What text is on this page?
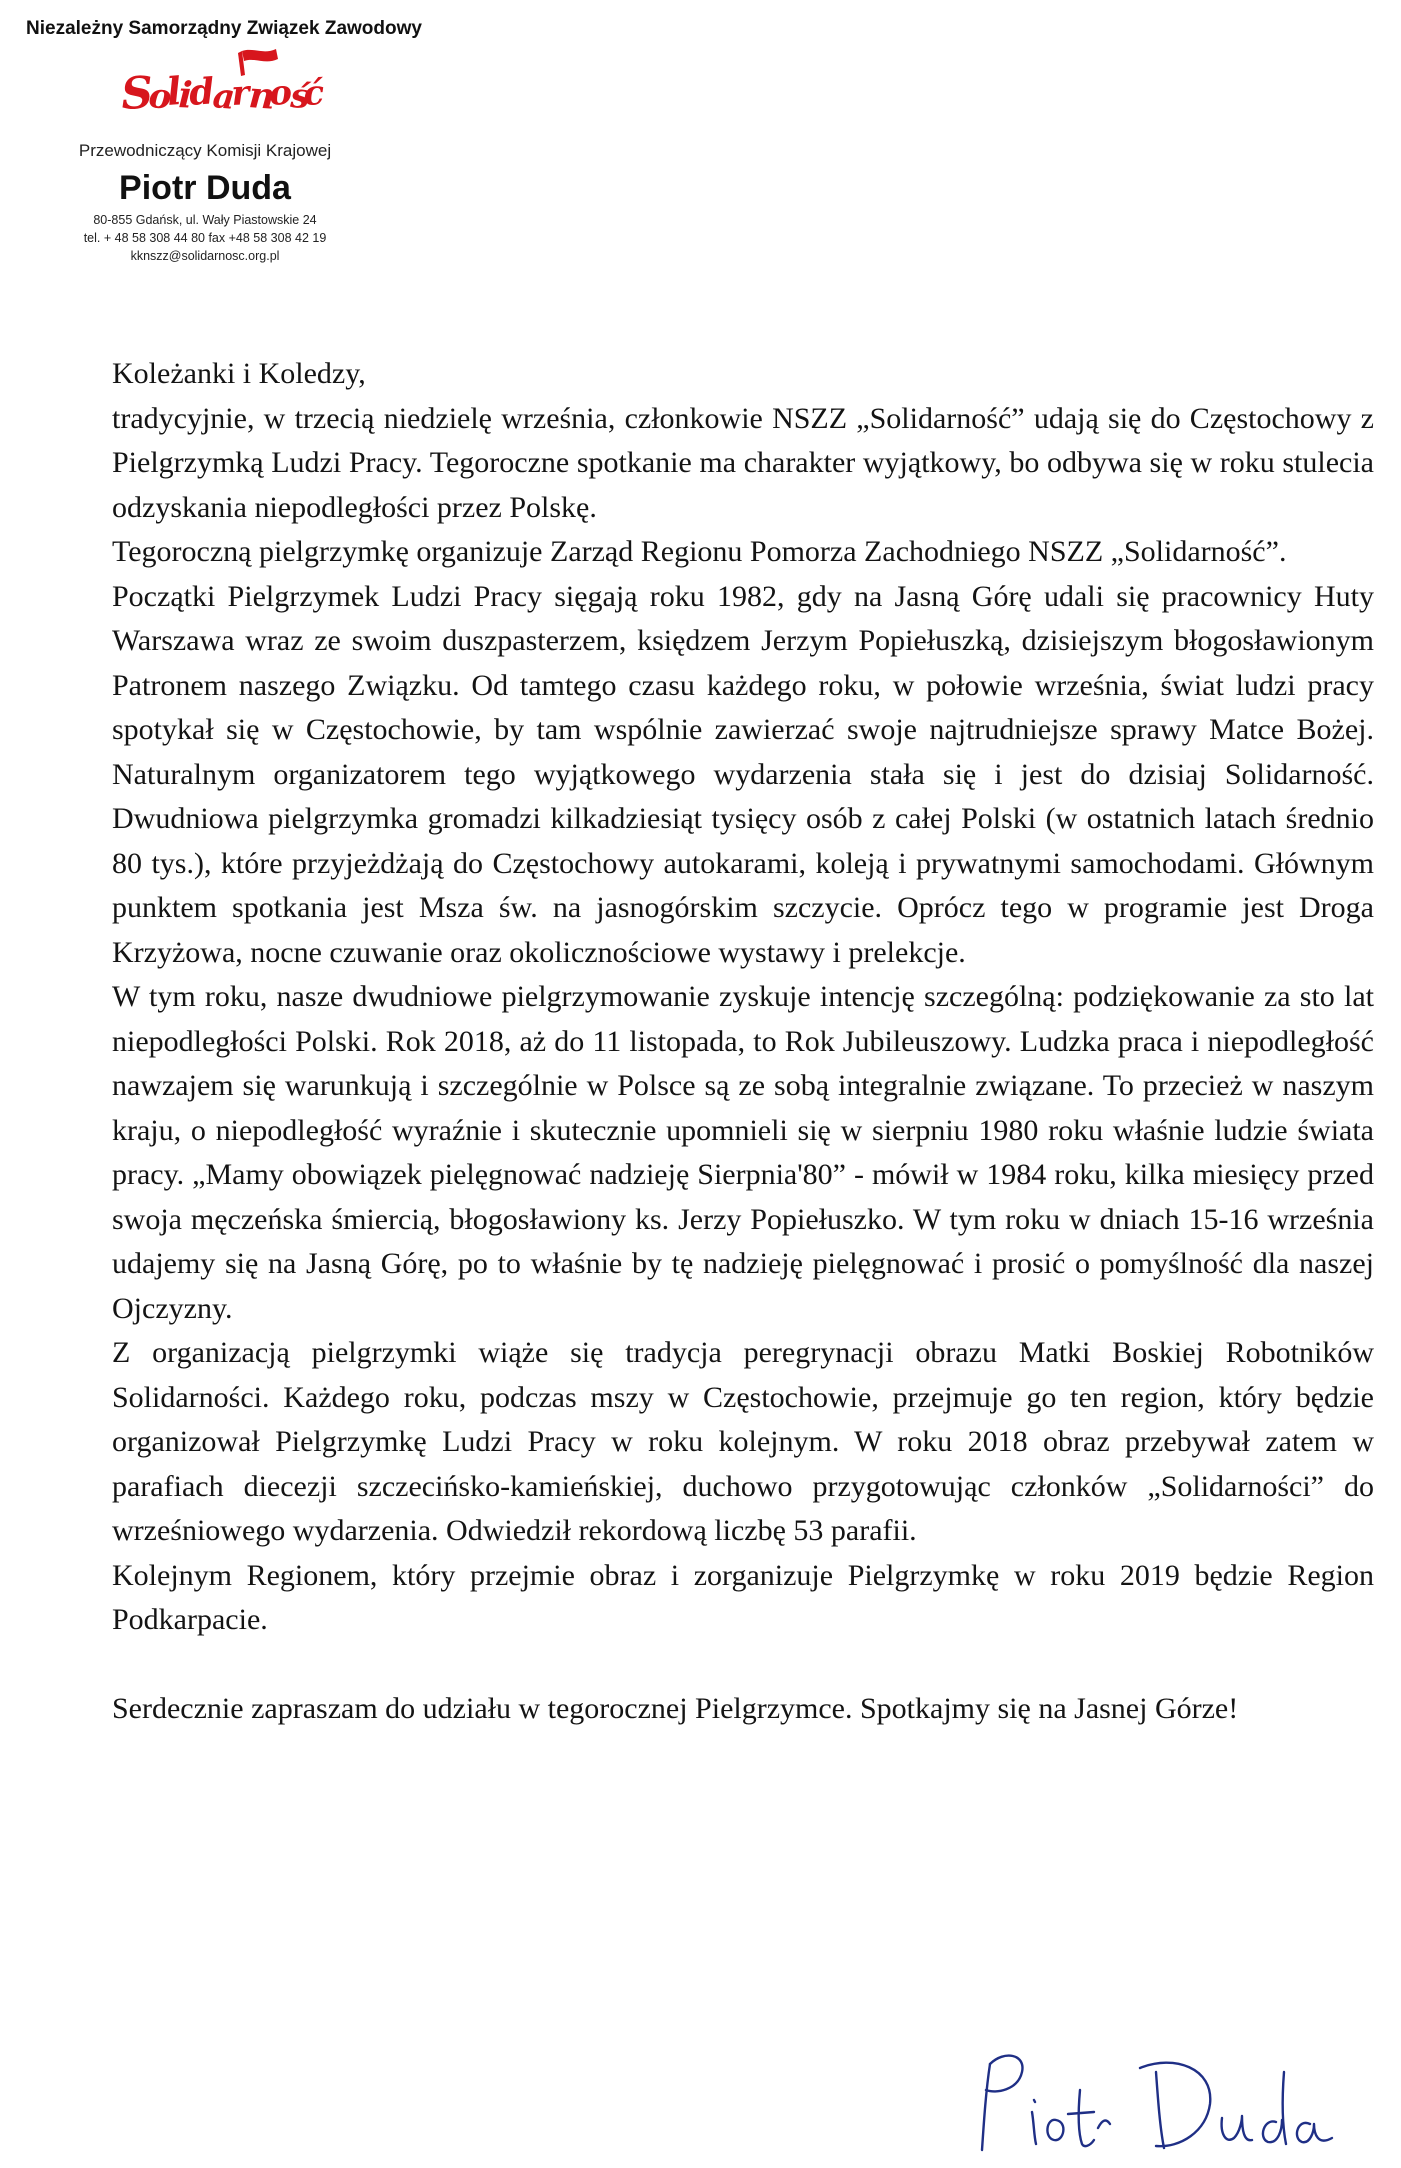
Niezależny Samorządny Związek Zawodowy
S
o
l
i
d
a
r n
o ś
ć
Przewodniczący Komisji Krajowej
Piotr Duda
80-855 Gdańsk, ul. Wały Piastowskie 24
tel. + 48 58 308 44 80 fax +48 58 308 42 19
kknszz@solidarnosc.org.pl

Koleżanki i Koledzy,

tradycyjnie, w trzecią niedzielę września, członkowie NSZZ „Solidarność” udają się do Częstochowy z Pielgrzymką Ludzi Pracy. Tegoroczne spotkanie ma charakter wyjątkowy, bo odbywa się w roku stulecia odzyskania niepodległości przez Polskę.

Tegoroczną pielgrzymkę organizuje Zarząd Regionu Pomorza Zachodniego NSZZ „Solidarność”.

Początki Pielgrzymek Ludzi Pracy sięgają roku 1982, gdy na Jasną Górę udali się pracownicy Huty Warszawa wraz ze swoim duszpasterzem, księdzem Jerzym Popiełuszką, dzisiejszym błogosławionym Patronem naszego Związku. Od tamtego czasu każdego roku, w połowie września, świat ludzi pracy spotykał się w Częstochowie, by tam wspólnie zawierzać swoje najtrudniejsze sprawy Matce Bożej. Naturalnym organizatorem tego wyjątkowego wydarzenia stała się i jest do dzisiaj Solidarność. Dwudniowa pielgrzymka gromadzi kilkadziesiąt tysięcy osób z całej Polski (w ostatnich latach średnio 80 tys.), które przyjeżdżają do Częstochowy autokarami, koleją i prywatnymi samochodami. Głównym punktem spotkania jest Msza św. na jasnogórskim szczycie. Oprócz tego w programie jest Droga Krzyżowa, nocne czuwanie oraz okolicznościowe wystawy i prelekcje.

W tym roku, nasze dwudniowe pielgrzymowanie zyskuje intencję szczególną: podziękowanie za sto lat niepodległości Polski. Rok 2018, aż do 11 listopada, to Rok Jubileuszowy. Ludzka praca i niepodległość nawzajem się warunkują i szczególnie w Polsce są ze sobą integralnie związane. To przecież w naszym kraju, o niepodległość wyraźnie i skutecznie upomnieli się w sierpniu 1980 roku właśnie ludzie świata pracy. „Mamy obowiązek pielęgnować nadzieję Sierpnia'80” - mówił w 1984 roku, kilka miesięcy przed swoja męczeńska śmiercią, błogosławiony ks. Jerzy Popiełuszko. W tym roku w dniach 15-16 września udajemy się na Jasną Górę, po to właśnie by tę nadzieję pielęgnować i prosić o pomyślność dla naszej Ojczyzny.

Z organizacją pielgrzymki wiąże się tradycja peregrynacji obrazu Matki Boskiej Robotników Solidarności. Każdego roku, podczas mszy w Częstochowie, przejmuje go ten region, który będzie organizował Pielgrzymkę Ludzi Pracy w roku kolejnym. W roku 2018 obraz przebywał zatem w parafiach diecezji szczecińsko-kamieńskiej, duchowo przygotowując członków „Solidarności” do wrześniowego wydarzenia. Odwiedził rekordową liczbę 53 parafii.

Kolejnym Regionem, który przejmie obraz i zorganizuje Pielgrzymkę w roku 2019 będzie Region Podkarpacie.

Serdecznie zapraszam do udziału w tegorocznej Pielgrzymce. Spotkajmy się na Jasnej Górze!
